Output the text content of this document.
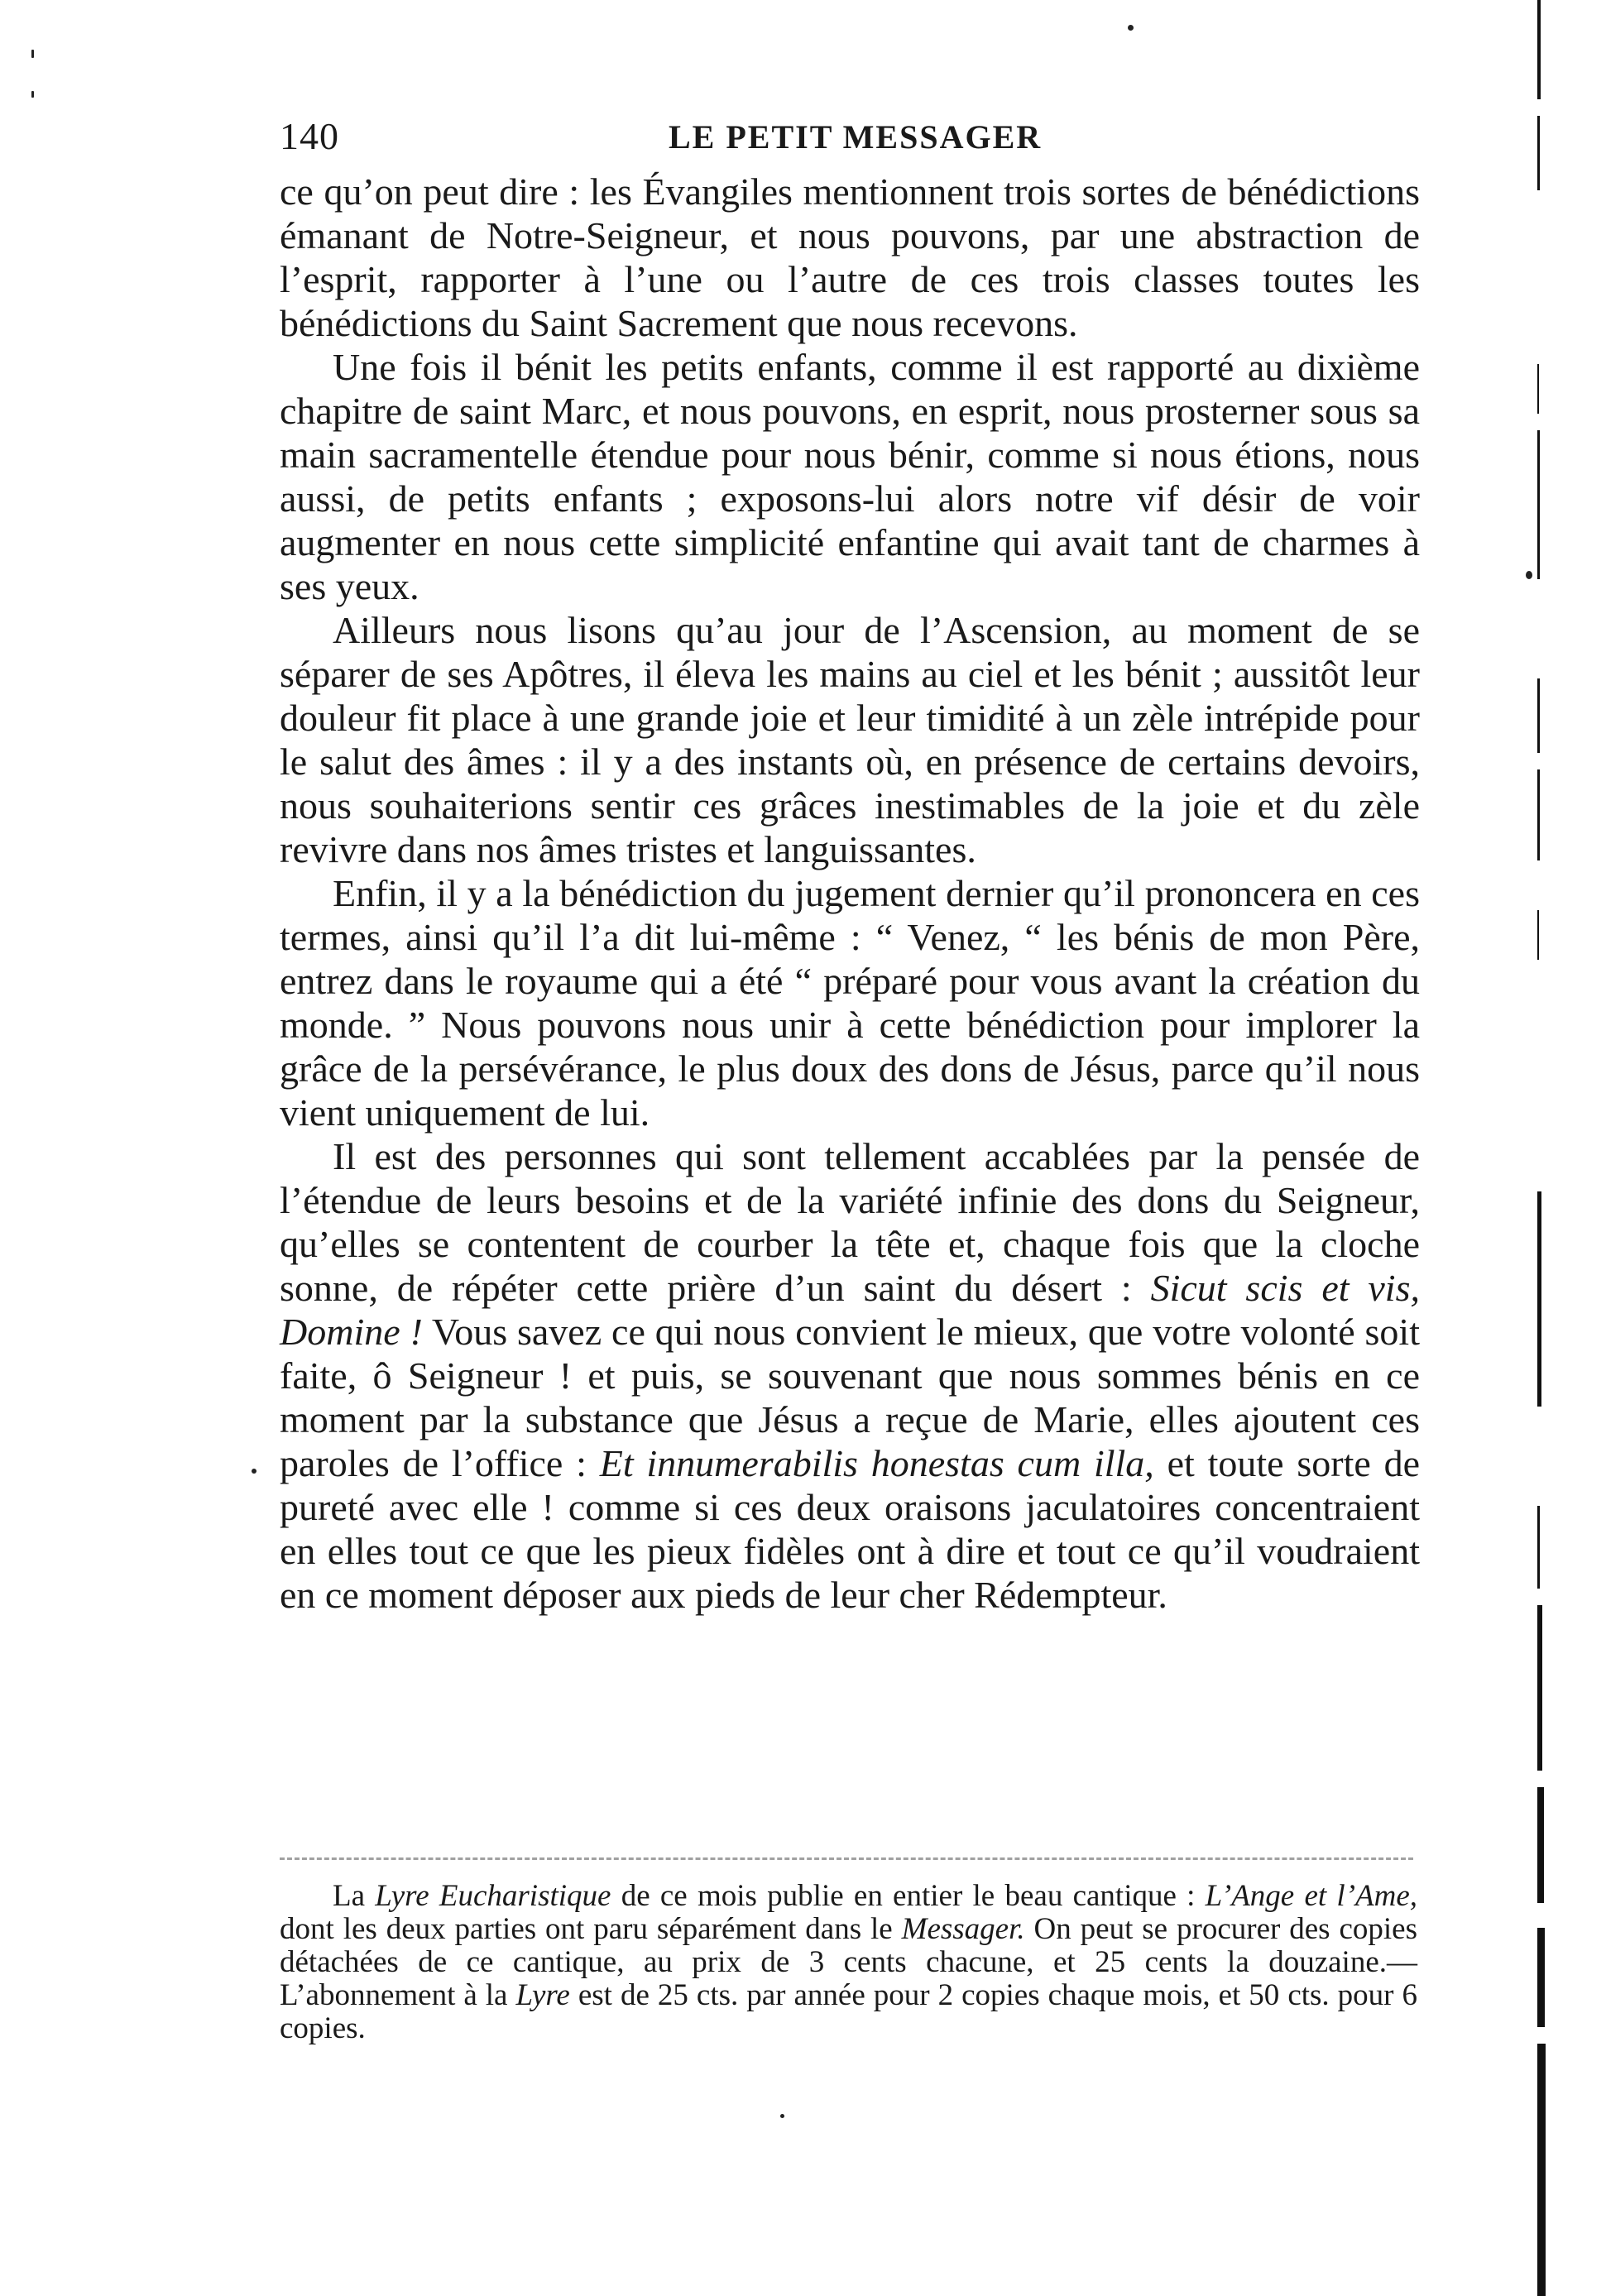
140	LE PETIT MESSAGER

ce qu’on peut dire : les Évangiles mentionnent trois sortes de bénédictions émanant de Notre-Seigneur, et nous pouvons, par une abstraction de l’esprit, rapporter à l’une ou l’autre de ces trois classes toutes les bénédictions du Saint Sacrement que nous recevons.

Une fois il bénit les petits enfants, comme il est rapporté au dixième chapitre de saint Marc, et nous pouvons, en esprit, nous prosterner sous sa main sacramentelle étendue pour nous bénir, comme si nous étions, nous aussi, de petits enfants ; exposons-lui alors notre vif désir de voir augmenter en nous cette simplicité enfantine qui avait tant de charmes à ses yeux.

Ailleurs nous lisons qu’au jour de l’Ascension, au moment de se séparer de ses Apôtres, il éleva les mains au ciel et les bénit ; aussitôt leur douleur fit place à une grande joie et leur timidité à un zèle intrépide pour le salut des âmes : il y a des instants où, en présence de certains devoirs, nous souhaiterions sentir ces grâces inestimables de la joie et du zèle revivre dans nos âmes tristes et languissantes.

Enfin, il y a la bénédiction du jugement dernier qu’il prononcera en ces termes, ainsi qu’il l’a dit lui-même : “ Venez, “ les bénis de mon Père, entrez dans le royaume qui a été “ préparé pour vous avant la création du monde. ” Nous pouvons nous unir à cette bénédiction pour implorer la grâce de la persévérance, le plus doux des dons de Jésus, parce qu’il nous vient uniquement de lui.

Il est des personnes qui sont tellement accablées par la pensée de l’étendue de leurs besoins et de la variété infinie des dons du Seigneur, qu’elles se contentent de courber la tête et, chaque fois que la cloche sonne, de répéter cette prière d’un saint du désert : Sicut scis et vis, Domine ! Vous savez ce qui nous convient le mieux, que votre volonté soit faite, ô Seigneur ! et puis, se souvenant que nous sommes bénis en ce moment par la substance que Jésus a reçue de Marie, elles ajoutent ces paroles de l’office : Et innumerabilis honestas cum illa, et toute sorte de pureté avec elle ! comme si ces deux oraisons jaculatoires concentraient en elles tout ce que les pieux fidèles ont à dire et tout ce qu’il voudraient en ce moment déposer aux pieds de leur cher Rédempteur.

La Lyre Eucharistique de ce mois publie en entier le beau cantique : L’Ange et l’Ame, dont les deux parties ont paru séparément dans le Messager. On peut se procurer des copies détachées de ce cantique, au prix de 3 cents chacune, et 25 cents la douzaine.—L’abonnement à la Lyre est de 25 cts. par année pour 2 copies chaque mois, et 50 cts. pour 6 copies.
